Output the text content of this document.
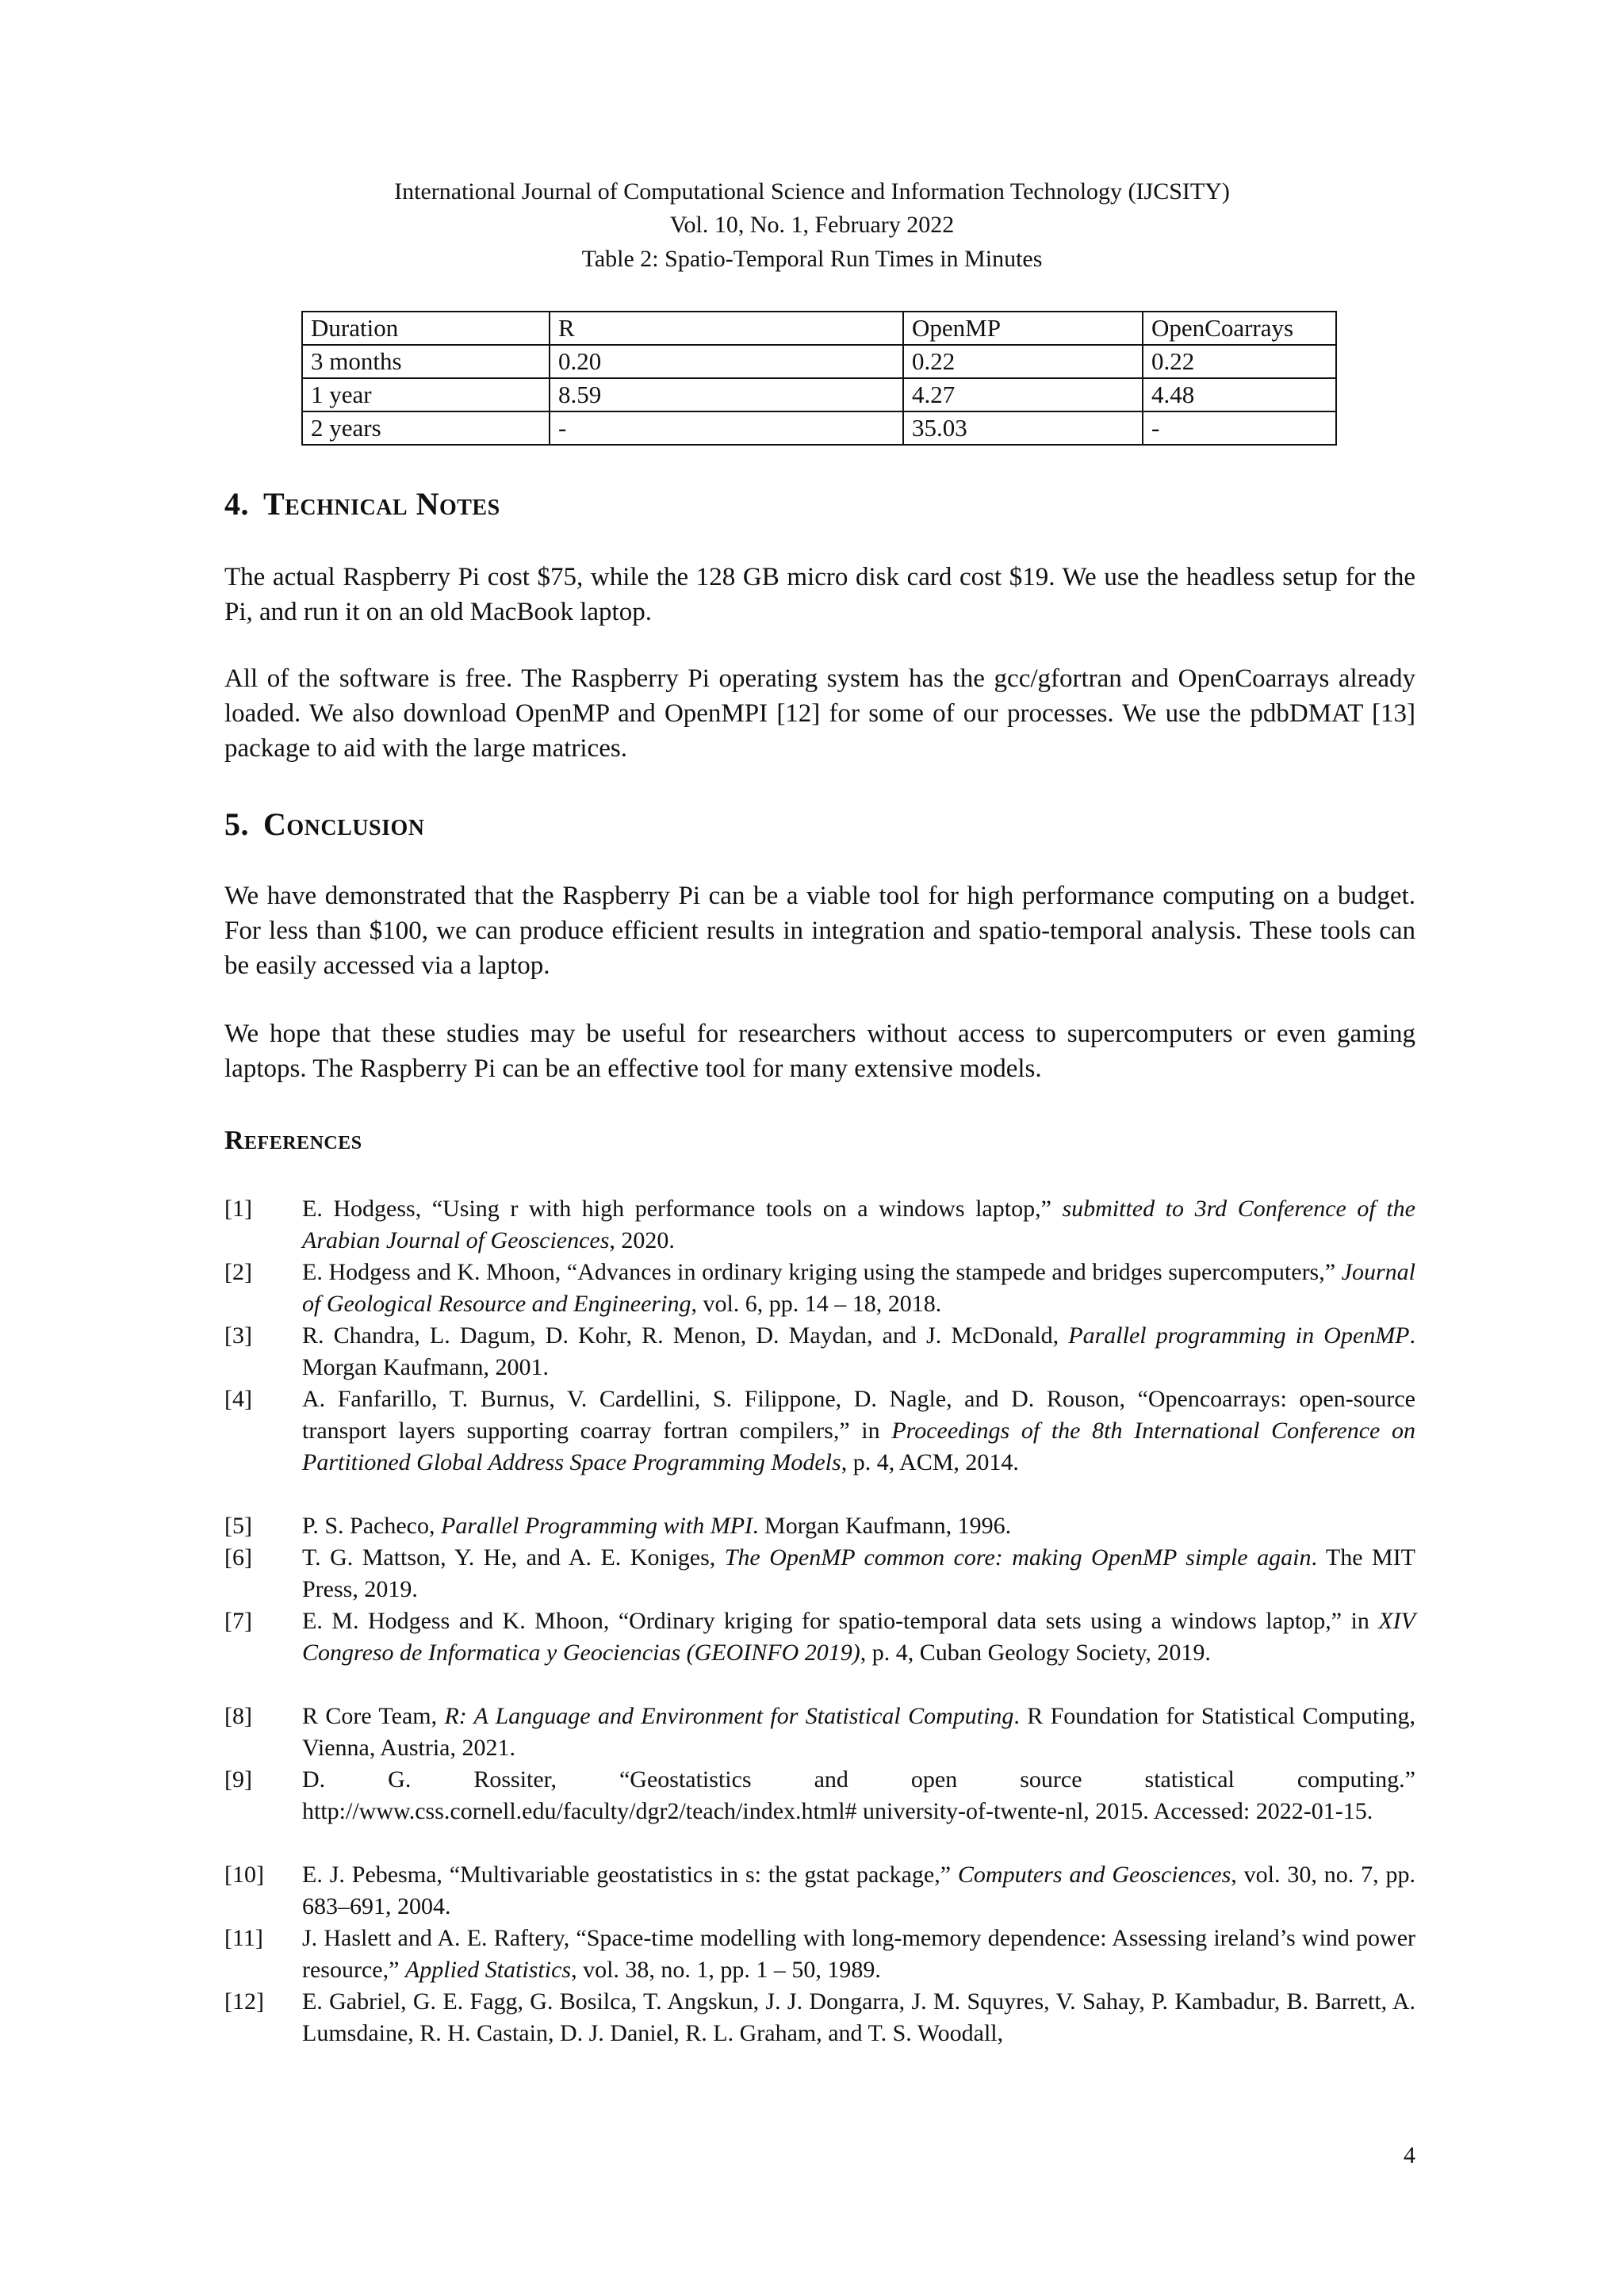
International Journal of Computational Science and Information Technology (IJCSITY)
Vol. 10, No. 1, February 2022
Table 2: Spatio-Temporal Run Times in Minutes
Duration	R	OpenMP	OpenCoarrays
3 months	0.20	0.22	0.22
1 year	8.59	4.27	4.48
2 years	-	35.03	-
4. Technical Notes
The actual Raspberry Pi cost $75, while the 128 GB micro disk card cost $19. We use the headless setup for the Pi, and run it on an old MacBook laptop.
All of the software is free. The Raspberry Pi operating system has the gcc/gfortran and OpenCoarrays already loaded. We also download OpenMP and OpenMPI [12] for some of our processes. We use the pdbDMAT [13] package to aid with the large matrices.
5. Conclusion
We have demonstrated that the Raspberry Pi can be a viable tool for high performance computing on a budget. For less than $100, we can produce efficient results in integration and spatio-temporal analysis. These tools can be easily accessed via a laptop.
We hope that these studies may be useful for researchers without access to supercomputers or even gaming laptops. The Raspberry Pi can be an effective tool for many extensive models.
References
[1]	E. Hodgess, “Using r with high performance tools on a windows laptop,” submitted to 3rd Conference of the Arabian Journal of Geosciences, 2020.
[2]	E. Hodgess and K. Mhoon, “Advances in ordinary kriging using the stampede and bridges supercomputers,” Journal of Geological Resource and Engineering, vol. 6, pp. 14 – 18, 2018.
[3]	R. Chandra, L. Dagum, D. Kohr, R. Menon, D. Maydan, and J. McDonald, Parallel programming in OpenMP. Morgan Kaufmann, 2001.
[4]	A. Fanfarillo, T. Burnus, V. Cardellini, S. Filippone, D. Nagle, and D. Rouson, “Opencoarrays: open-source transport layers supporting coarray fortran compilers,” in Proceedings of the 8th International Conference on Partitioned Global Address Space Programming Models, p. 4, ACM, 2014.
[5]	P. S. Pacheco, Parallel Programming with MPI. Morgan Kaufmann, 1996.
[6]	T. G. Mattson, Y. He, and A. E. Koniges, The OpenMP common core: making OpenMP simple again. The MIT Press, 2019.
[7]	E. M. Hodgess and K. Mhoon, “Ordinary kriging for spatio-temporal data sets using a windows laptop,” in XIV Congreso de Informatica y Geociencias (GEOINFO 2019), p. 4, Cuban Geology Society, 2019.
[8]	R Core Team, R: A Language and Environment for Statistical Computing. R Foundation for Statistical Computing, Vienna, Austria, 2021.
[9]	D. G. Rossiter, “Geostatistics and open source statistical computing.” http://www.css.cornell.edu/faculty/dgr2/teach/index.html# university-of-twente-nl, 2015. Accessed: 2022-01-15.
[10]	E. J. Pebesma, “Multivariable geostatistics in s: the gstat package,” Computers and Geosciences, vol. 30, no. 7, pp. 683–691, 2004.
[11]	J. Haslett and A. E. Raftery, “Space-time modelling with long-memory dependence: Assessing ireland’s wind power resource,” Applied Statistics, vol. 38, no. 1, pp. 1 – 50, 1989.
[12]	E. Gabriel, G. E. Fagg, G. Bosilca, T. Angskun, J. J. Dongarra, J. M. Squyres, V. Sahay, P. Kambadur, B. Barrett, A. Lumsdaine, R. H. Castain, D. J. Daniel, R. L. Graham, and T. S. Woodall,
4
